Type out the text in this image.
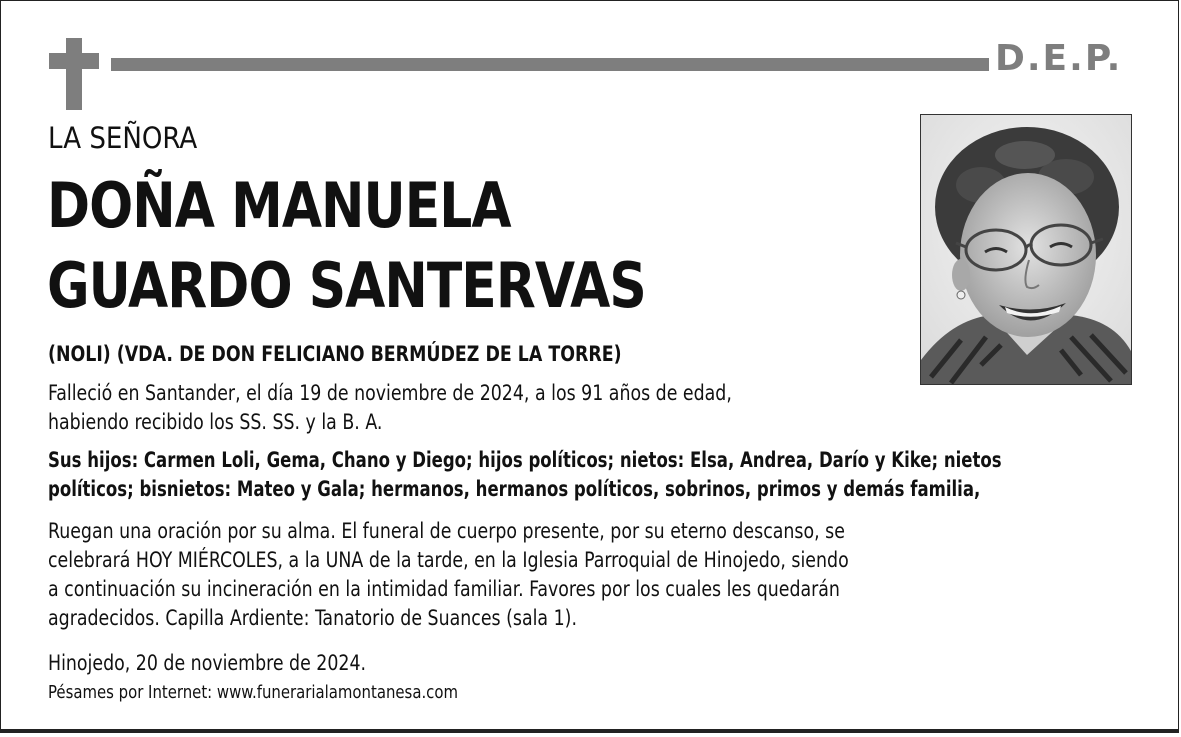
D.E.P.
LA SEÑORA
DOÑA MANUELA
GUARDO SANTERVAS
(NOLI) (VDA. DE DON FELICIANO BERMÚDEZ DE LA TORRE)
Falleció en Santander, el día 19 de noviembre de 2024, a los 91 años de edad,
habiendo recibido los SS. SS. y la B. A.
Sus hijos: Carmen Loli, Gema, Chano y Diego; hijos políticos; nietos: Elsa, Andrea, Darío y Kike; nietos
políticos; bisnietos: Mateo y Gala; hermanos, hermanos políticos, sobrinos, primos y demás familia,
Ruegan una oración por su alma. El funeral de cuerpo presente, por su eterno descanso, se
celebrará HOY MIÉRCOLES, a la UNA de la tarde, en la Iglesia Parroquial de Hinojedo, siendo
a continuación su incineración en la intimidad familiar. Favores por los cuales les quedarán
agradecidos. Capilla Ardiente: Tanatorio de Suances (sala 1).
Hinojedo, 20 de noviembre de 2024.
Pésames por Internet: www.funerarialamontanesa.com
